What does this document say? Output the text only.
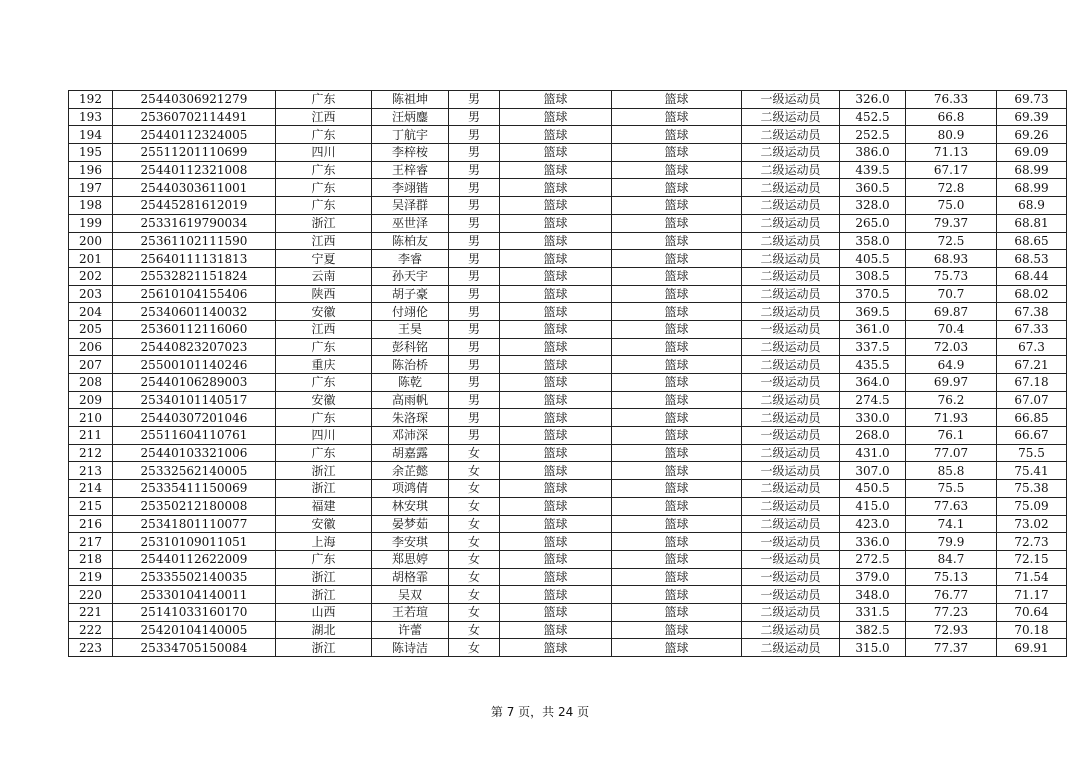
192	25440306921279	广东	陈祖坤	男	篮球	篮球	一级运动员	326.0	76.33	69.73
193	25360702114491	江西	汪炳鏖	男	篮球	篮球	二级运动员	452.5	66.8	69.39
194	25440112324005	广东	丁航宇	男	篮球	篮球	二级运动员	252.5	80.9	69.26
195	25511201110699	四川	李梓桉	男	篮球	篮球	二级运动员	386.0	71.13	69.09
196	25440112321008	广东	王梓睿	男	篮球	篮球	二级运动员	439.5	67.17	68.99
197	25440303611001	广东	李翊锴	男	篮球	篮球	二级运动员	360.5	72.8	68.99
198	25445281612019	广东	吴泽群	男	篮球	篮球	二级运动员	328.0	75.0	68.9
199	25331619790034	浙江	巫世泽	男	篮球	篮球	二级运动员	265.0	79.37	68.81
200	25361102111590	江西	陈柏友	男	篮球	篮球	二级运动员	358.0	72.5	68.65
201	25640111131813	宁夏	李睿	男	篮球	篮球	二级运动员	405.5	68.93	68.53
202	25532821151824	云南	孙天宇	男	篮球	篮球	二级运动员	308.5	75.73	68.44
203	25610104155406	陕西	胡子豪	男	篮球	篮球	二级运动员	370.5	70.7	68.02
204	25340601140032	安徽	付翊伦	男	篮球	篮球	二级运动员	369.5	69.87	67.38
205	25360112116060	江西	王昊	男	篮球	篮球	一级运动员	361.0	70.4	67.33
206	25440823207023	广东	彭科铭	男	篮球	篮球	二级运动员	337.5	72.03	67.3
207	25500101140246	重庆	陈治桥	男	篮球	篮球	二级运动员	435.5	64.9	67.21
208	25440106289003	广东	陈乾	男	篮球	篮球	一级运动员	364.0	69.97	67.18
209	25340101140517	安徽	高雨帆	男	篮球	篮球	二级运动员	274.5	76.2	67.07
210	25440307201046	广东	朱洛琛	男	篮球	篮球	二级运动员	330.0	71.93	66.85
211	25511604110761	四川	邓沛深	男	篮球	篮球	一级运动员	268.0	76.1	66.67
212	25440103321006	广东	胡嘉露	女	篮球	篮球	二级运动员	431.0	77.07	75.5
213	25332562140005	浙江	余芷懿	女	篮球	篮球	一级运动员	307.0	85.8	75.41
214	25335411150069	浙江	项鸿倩	女	篮球	篮球	二级运动员	450.5	75.5	75.38
215	25350212180008	福建	林安琪	女	篮球	篮球	二级运动员	415.0	77.63	75.09
216	25341801110077	安徽	晏梦茹	女	篮球	篮球	二级运动员	423.0	74.1	73.02
217	25310109011051	上海	李安琪	女	篮球	篮球	一级运动员	336.0	79.9	72.73
218	25440112622009	广东	郑思婷	女	篮球	篮球	一级运动员	272.5	84.7	72.15
219	25335502140035	浙江	胡格霏	女	篮球	篮球	一级运动员	379.0	75.13	71.54
220	25330104140011	浙江	吴双	女	篮球	篮球	一级运动员	348.0	76.77	71.17
221	25141033160170	山西	王若瑄	女	篮球	篮球	二级运动员	331.5	77.23	70.64
222	25420104140005	湖北	许蕾	女	篮球	篮球	二级运动员	382.5	72.93	70.18
223	25334705150084	浙江	陈诗洁	女	篮球	篮球	二级运动员	315.0	77.37	69.91
第 7 页，共 24 页
